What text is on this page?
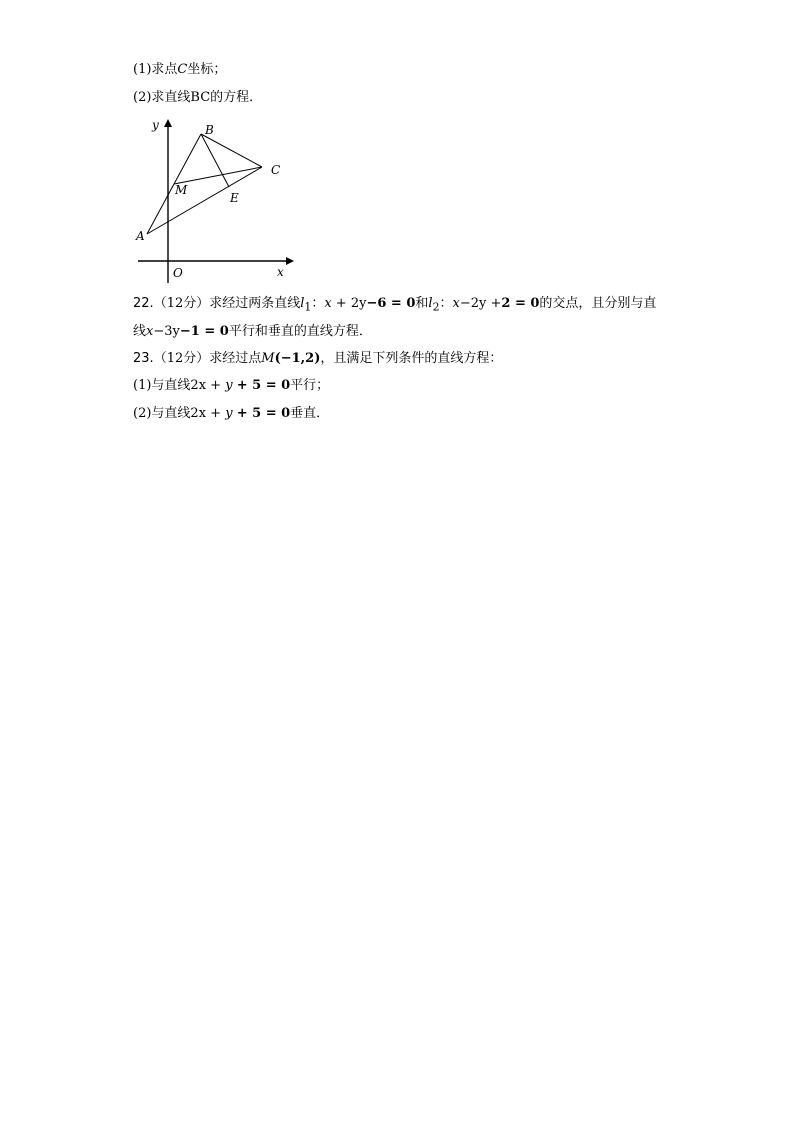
(1)求点C坐标；
(2)求直线BC的方程．
y
x
O
A
B
C
M
E
22.（12分）求经过两条直线$l_1$：x + 2y−6 = 0和$l_2$：x−2y +2 = 0的交点，且分别与直
线x−3y−1 = 0平行和垂直的直线方程．
23.（12分）求经过点M(−1,2)，且满足下列条件的直线方程：
(1)与直线2x + y + 5 = 0平行；
(2)与直线2x + y + 5 = 0垂直．
